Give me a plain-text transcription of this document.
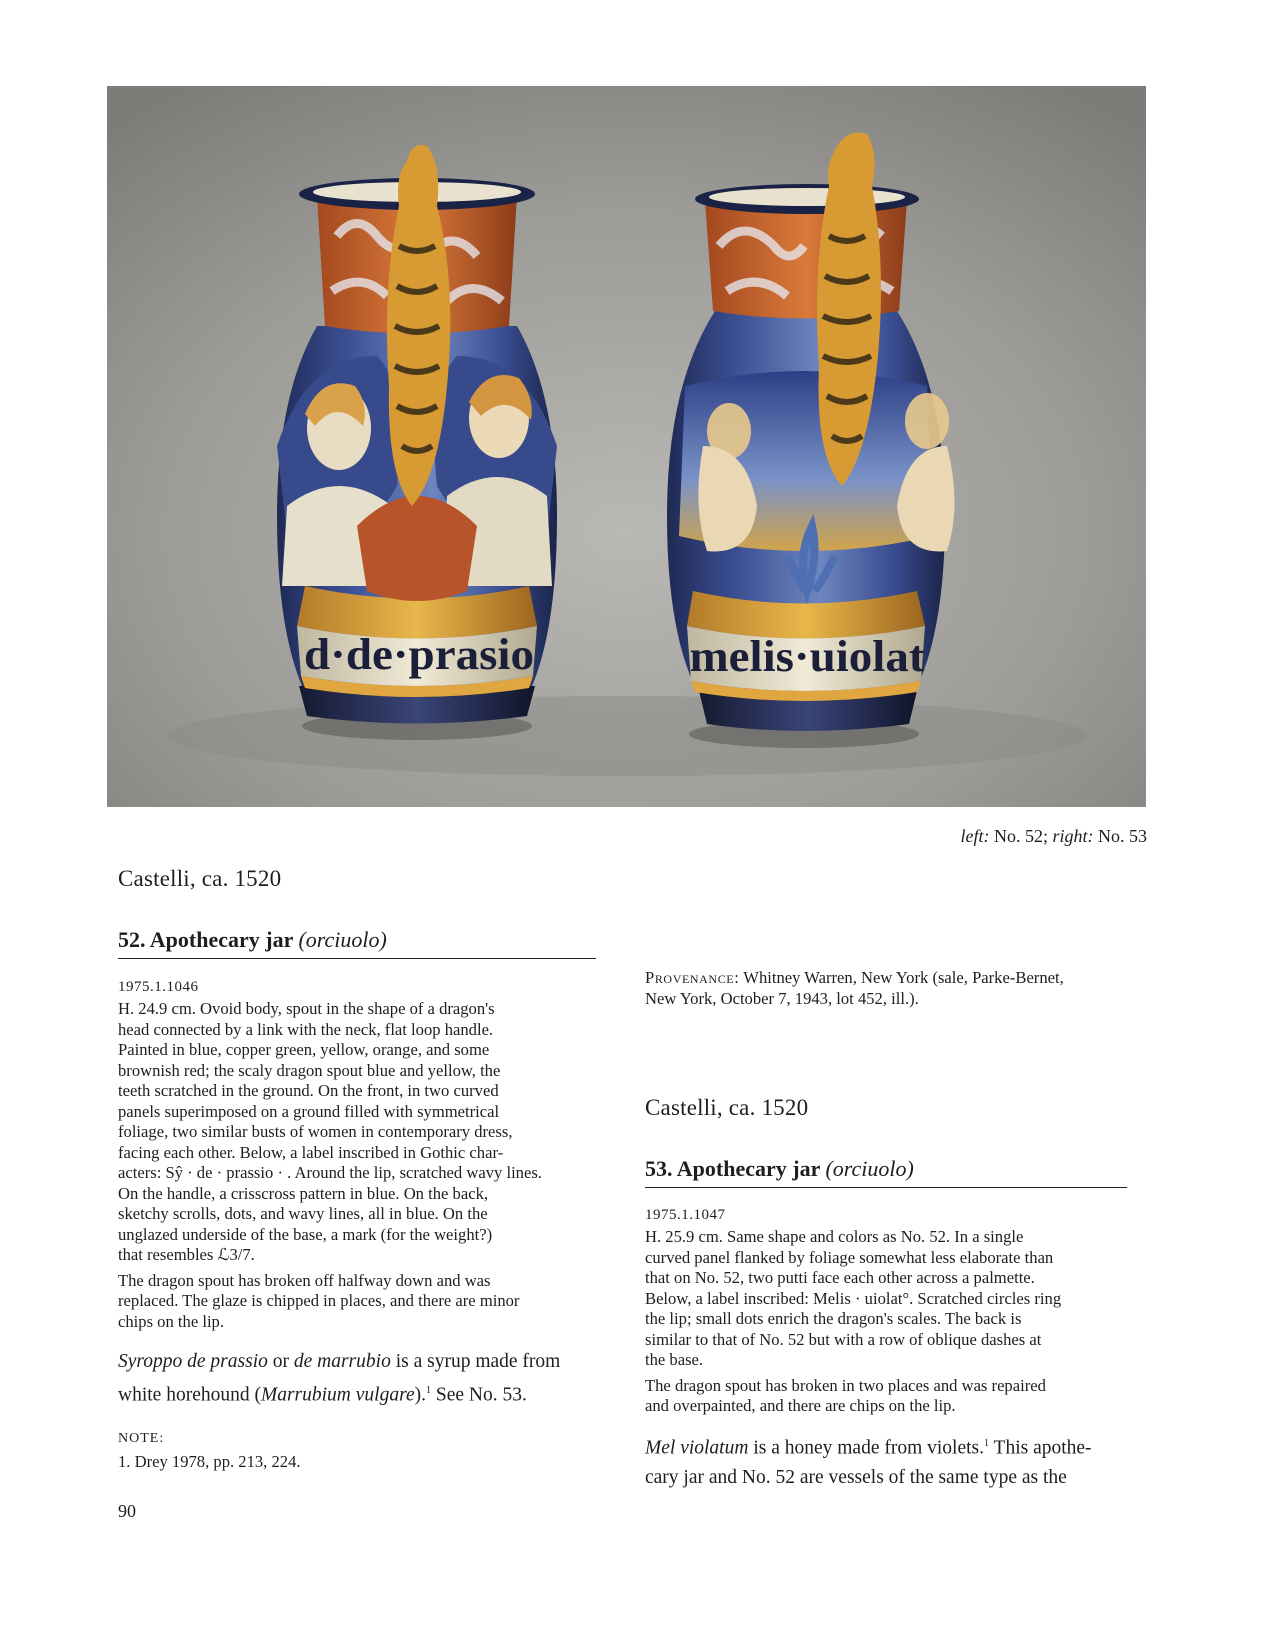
d·de·prasio	melis·uiolat
left: No. 52; right: No. 53
Castelli, ca. 1520
52. Apothecary jar (orciuolo)
1975.1.1046

H. 24.9 cm. Ovoid body, spout in the shape of a dragon's
head connected by a link with the neck, flat loop handle.
Painted in blue, copper green, yellow, orange, and some
brownish red; the scaly dragon spout blue and yellow, the
teeth scratched in the ground. On the front, in two curved
panels superimposed on a ground filled with symmetrical
foliage, two similar busts of women in contemporary dress,
facing each other. Below, a label inscribed in Gothic char-
acters: Sŷ · de · prassio · . Around the lip, scratched wavy lines.
On the handle, a crisscross pattern in blue. On the back,
sketchy scrolls, dots, and wavy lines, all in blue. On the
unglazed underside of the base, a mark (for the weight?)
that resembles ℒ3/7.

The dragon spout has broken off halfway down and was
replaced. The glaze is chipped in places, and there are minor
chips on the lip.

Syroppo de prassio or de marrubio is a syrup made from
white horehound (Marrubium vulgare).$^1$ See No. 53.
NOTE:
1. Drey 1978, pp. 213, 224.
90
Provenance: Whitney Warren, New York (sale, Parke-Bernet,
New York, October 7, 1943, lot 452, ill.).
Castelli, ca. 1520
53. Apothecary jar (orciuolo)
1975.1.1047

H. 25.9 cm. Same shape and colors as No. 52. In a single
curved panel flanked by foliage somewhat less elaborate than
that on No. 52, two putti face each other across a palmette.
Below, a label inscribed: Melis · uiolat°. Scratched circles ring
the lip; small dots enrich the dragon's scales. The back is
similar to that of No. 52 but with a row of oblique dashes at
the base.

The dragon spout has broken in two places and was repaired
and overpainted, and there are chips on the lip.

Mel violatum is a honey made from violets.$^1$ This apothe-
cary jar and No. 52 are vessels of the same type as the
